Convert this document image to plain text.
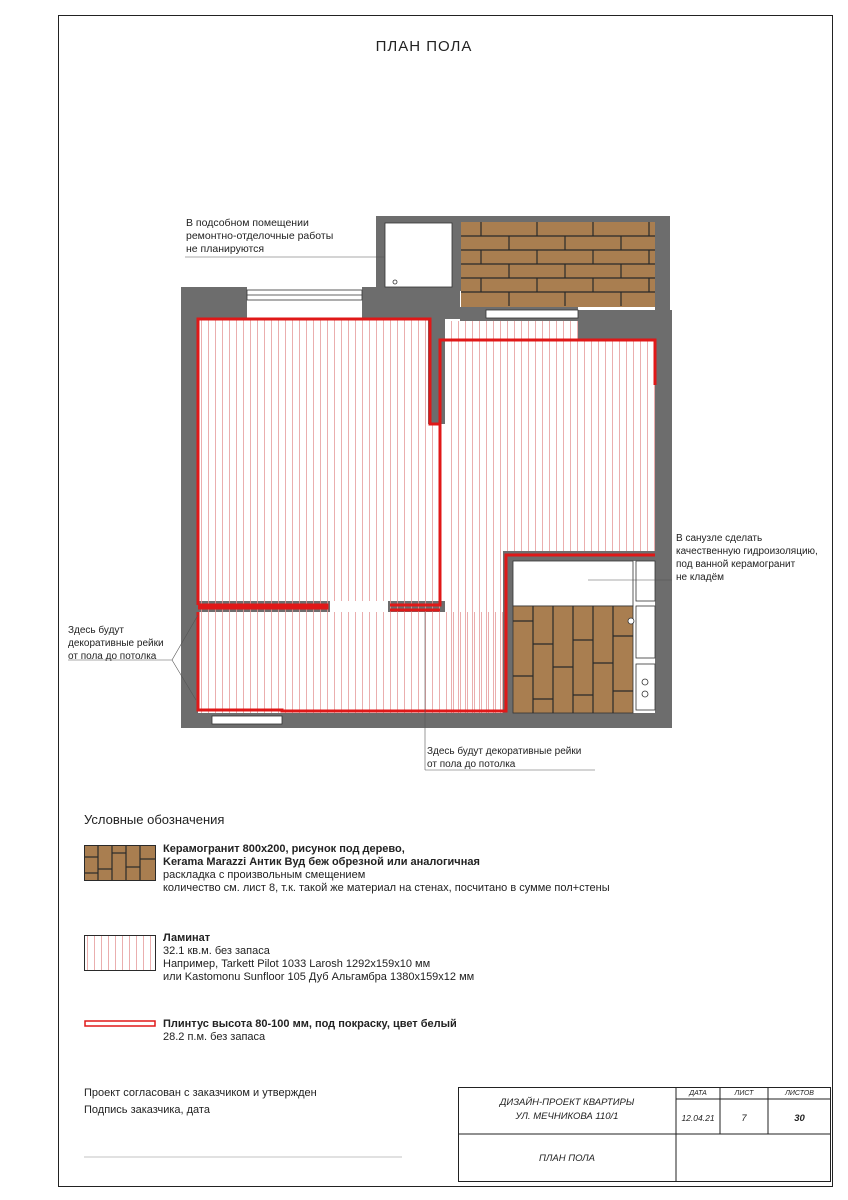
ПЛАН ПОЛА
В подсобном помещении
ремонтно-отделочные работы
не планируются
В санузле сделать
качественную гидроизоляцию,
под ванной керамогранит
не кладём
Здесь будут
декоративные рейки
от пола до потолка
Здесь будут декоративные рейки
от пола до потолка
Условные обозначения
Керамогранит 800x200, рисунок под дерево,
Kerama Marazzi Антик Вуд беж обрезной или аналогичная
раскладка с произвольным смещением
количество см. лист 8, т.к. такой же материал на стенах, посчитано в сумме пол+стены
Ламинат
32.1 кв.м. без запаса
Например, Tarkett Pilot 1033 Larosh 1292x159x10 мм
или Kastomonu Sunfloor 105 Дуб Альгамбра 1380x159x12 мм
Плинтус высота 80-100 мм, под покраску, цвет белый
28.2 п.м. без запаса
Проект согласован с заказчиком и утвержден
Подпись заказчика, дата
ДИЗАЙН-ПРОЕКТ КВАРТИРЫ
УЛ. МЕЧНИКОВА 110/1
ДАТА	ЛИСТ	ЛИСТОВ
12.04.21	7	30
ПЛАН ПОЛА
